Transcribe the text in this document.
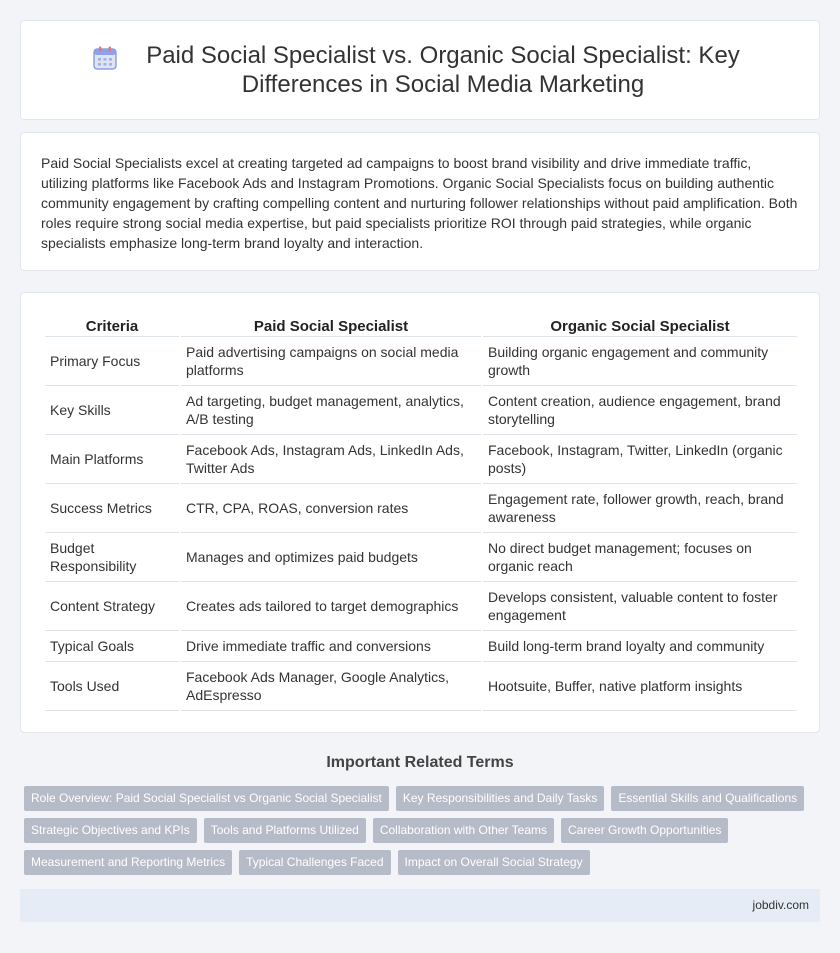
Paid Social Specialist vs. Organic Social Specialist: Key Differences in Social Media Marketing

Paid Social Specialists excel at creating targeted ad campaigns to boost brand visibility and drive immediate traffic, utilizing platforms like Facebook Ads and Instagram Promotions. Organic Social Specialists focus on building authentic community engagement by crafting compelling content and nurturing follower relationships without paid amplification. Both roles require strong social media expertise, but paid specialists prioritize ROI through paid strategies, while organic specialists emphasize long-term brand loyalty and interaction.

Criteria	Paid Social Specialist	Organic Social Specialist
Primary Focus	Paid advertising campaigns on social media platforms	Building organic engagement and community growth
Key Skills	Ad targeting, budget management, analytics, A/B testing	Content creation, audience engagement, brand storytelling
Main Platforms	Facebook Ads, Instagram Ads, LinkedIn Ads, Twitter Ads	Facebook, Instagram, Twitter, LinkedIn (organic posts)
Success Metrics	CTR, CPA, ROAS, conversion rates	Engagement rate, follower growth, reach, brand awareness
Budget Responsibility	Manages and optimizes paid budgets	No direct budget management; focuses on organic reach
Content Strategy	Creates ads tailored to target demographics	Develops consistent, valuable content to foster engagement
Typical Goals	Drive immediate traffic and conversions	Build long-term brand loyalty and community
Tools Used	Facebook Ads Manager, Google Analytics, AdEspresso	Hootsuite, Buffer, native platform insights
Important Related Terms
Role Overview: Paid Social Specialist vs Organic Social Specialist	Key Responsibilities and Daily Tasks	Essential Skills and Qualifications
Strategic Objectives and KPIs	Tools and Platforms Utilized	Collaboration with Other Teams	Career Growth Opportunities
Measurement and Reporting Metrics	Typical Challenges Faced	Impact on Overall Social Strategy
jobdiv.com
